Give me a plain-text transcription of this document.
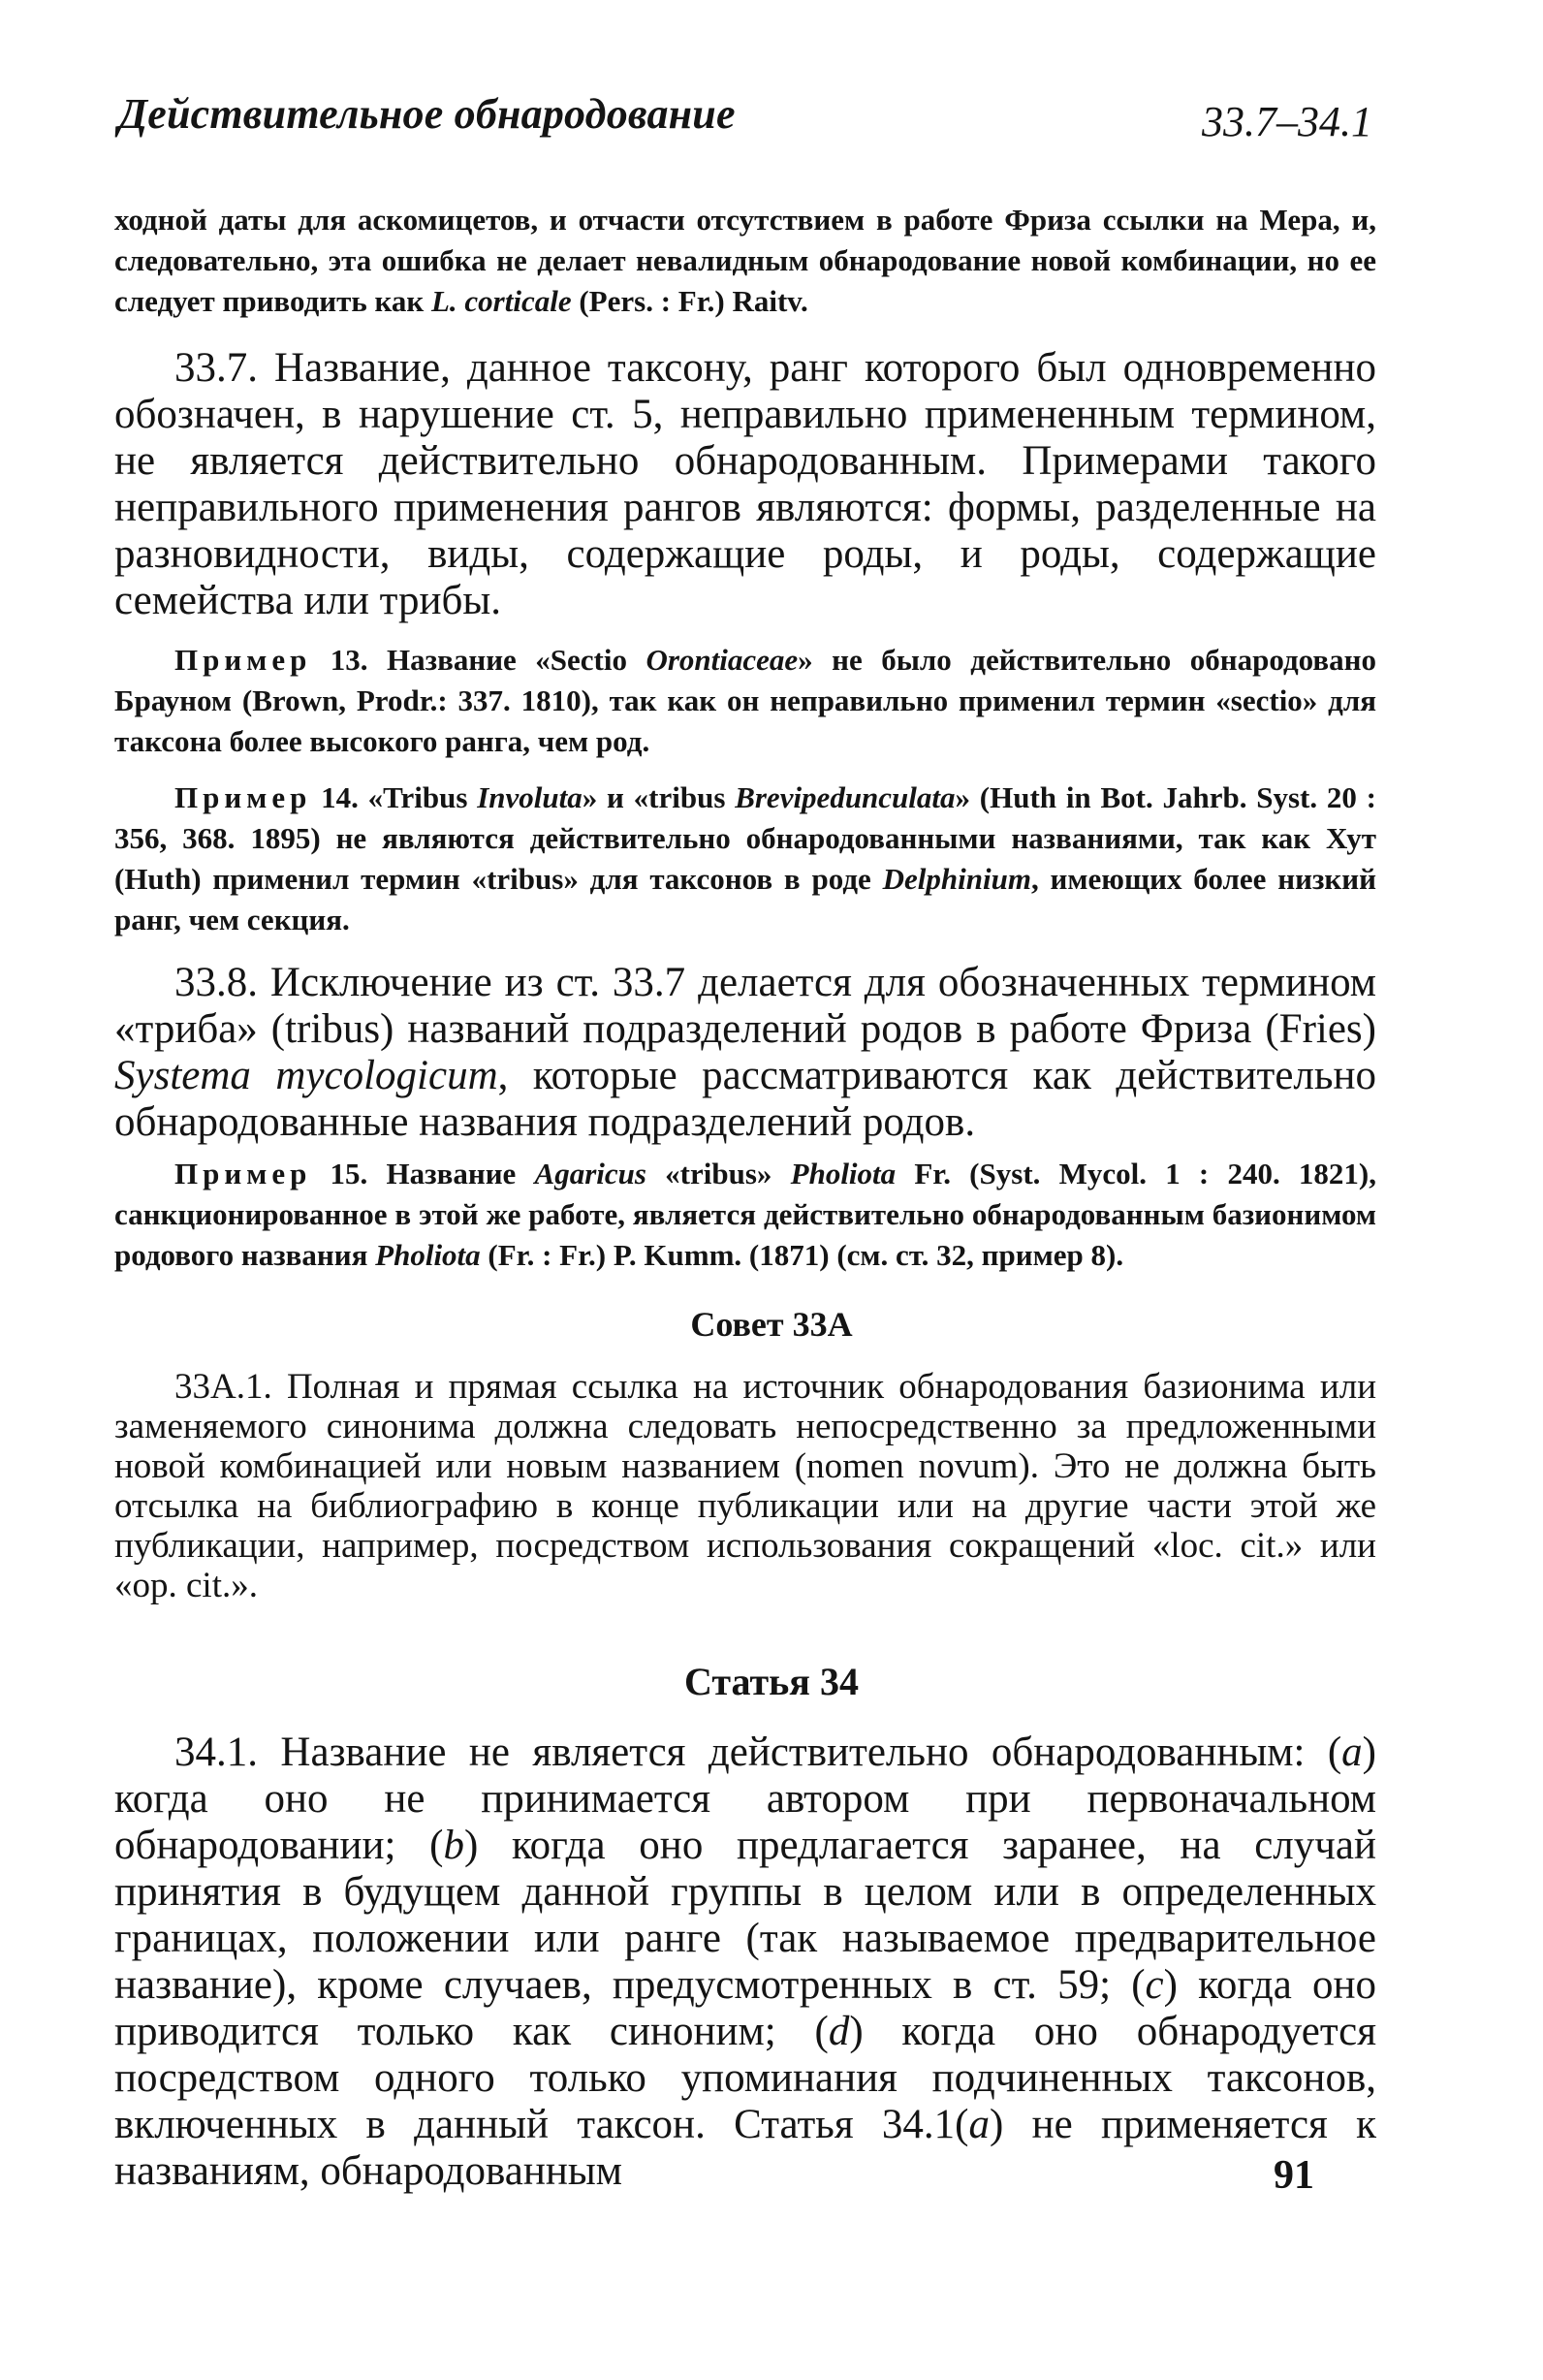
Действительное обнародование	33.7–34.1

ходной даты для аскомицетов, и отчасти отсутствием в работе Фриза ссылки на Мера, и, следовательно, эта ошибка не делает невалидным обнародование новой комбинации, но ее следует приводить как L. corticale (Pers. : Fr.) Raitv.

33.7. Название, данное таксону, ранг которого был одновременно обозначен, в нарушение ст. 5, неправильно примененным термином, не является действительно обнародованным. Примерами такого неправильного применения рангов являются: формы, разделенные на разновидности, виды, содержащие роды, и роды, содержащие семейства или трибы.

Пример 13. Название «Sectio Orontiaceae» не было действительно обнародовано Брауном (Brown, Prodr.: 337. 1810), так как он неправильно применил термин «sectio» для таксона более высокого ранга, чем род.

Пример 14. «Tribus Involuta» и «tribus Brevipedunculata» (Huth in Bot. Jahrb. Syst. 20 : 356, 368. 1895) не являются действительно обнародованными названиями, так как Хут (Huth) применил термин «tribus» для таксонов в роде Delphinium, имеющих более низкий ранг, чем секция.

33.8. Исключение из ст. 33.7 делается для обозначенных термином «триба» (tribus) названий подразделений родов в работе Фриза (Fries) Systema mycologicum, которые рассматриваются как действительно обнародованные названия подразделений родов.

Пример 15. Название Agaricus «tribus» Pholiota Fr. (Syst. Mycol. 1 : 240. 1821), санкционированное в этой же работе, является действительно обнародованным базионимом родового названия Pholiota (Fr. : Fr.) P. Kumm. (1871) (см. ст. 32, пример 8).

Совет 33А

33А.1. Полная и прямая ссылка на источник обнародования базионима или заменяемого синонима должна следовать непосредственно за предложенными новой комбинацией или новым названием (nomen novum). Это не должна быть отсылка на библиографию в конце публикации или на другие части этой же публикации, например, посредством использования сокращений «loc. cit.» или «op. cit.».

Статья 34

34.1. Название не является действительно обнародованным: (a) когда оно не принимается автором при первоначальном обнародовании; (b) когда оно предлагается заранее, на случай принятия в будущем данной группы в целом или в определенных границах, положении или ранге (так называемое предварительное название), кроме случаев, предусмотренных в ст. 59; (c) когда оно приводится только как синоним; (d) когда оно обнародуется посредством одного только упоминания подчиненных таксонов, включенных в данный таксон. Статья 34.1(a) не применяется к названиям, обнародованным	91
